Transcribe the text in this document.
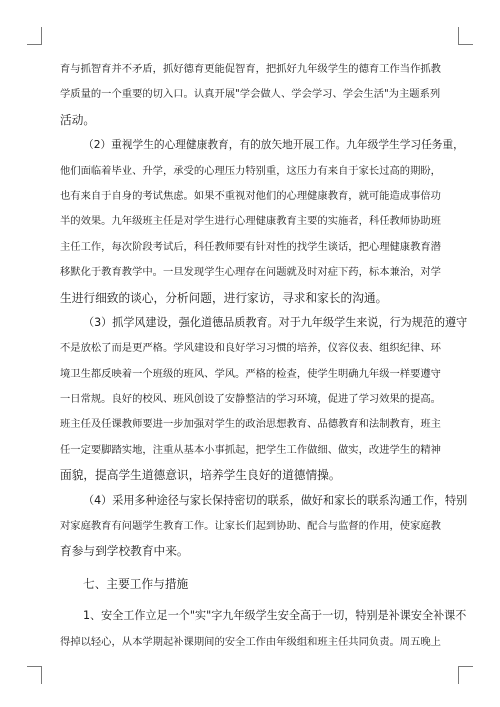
育与抓智育并不矛盾，抓好德育更能促智育，把抓好九年级学生的德育工作当作抓教
学质量的一个重要的切入口。认真开展"学会做人、学会学习、学会生活"为主题系列
活动。
（2）重视学生的心理健康教育，有的放矢地开展工作。九年级学生学习任务重，
他们面临着毕业、升学，承受的心理压力特别重，这压力有来自于家长过高的期盼，
也有来自于自身的考试焦虑。如果不重视对他们的心理健康教育，就可能造成事倍功
半的效果。九年级班主任是对学生进行心理健康教育主要的实施者，科任教师协助班
主任工作，每次阶段考试后，科任教师要有针对性的找学生谈话，把心理健康教育潜
移默化于教育教学中。一旦发现学生心理存在问题就及时对症下药，标本兼治，对学
生进行细致的谈心，分析问题，进行家访，寻求和家长的沟通。
（3）抓学风建设，强化道德品质教育。对于九年级学生来说，行为规范的遵守
不是放松了而是更严格。学风建设和良好学习习惯的培养，仪容仪表、组织纪律、环
境卫生都反映着一个班级的班风、学风。严格的检查，使学生明确九年级一样要遵守
一日常规。良好的校风、班风创设了安静整洁的学习环境，促进了学习效果的提高。
班主任及任课教师要进一步加强对学生的政治思想教育、品德教育和法制教育，班主
任一定要脚踏实地，注重从基本小事抓起，把学生工作做细、做实，改进学生的精神
面貌，提高学生道德意识，培养学生良好的道德情操。
（4）采用多种途径与家长保持密切的联系，做好和家长的联系沟通工作，特别
对家庭教育有问题学生教育工作。让家长们起到协助、配合与监督的作用，使家庭教
育参与到学校教育中来。
七、主要工作与措施
1、安全工作立足一个"实"字九年级学生安全高于一切，特别是补课安全补课不
得掉以轻心，从本学期起补课期间的安全工作由年级组和班主任共同负责。周五晚上
